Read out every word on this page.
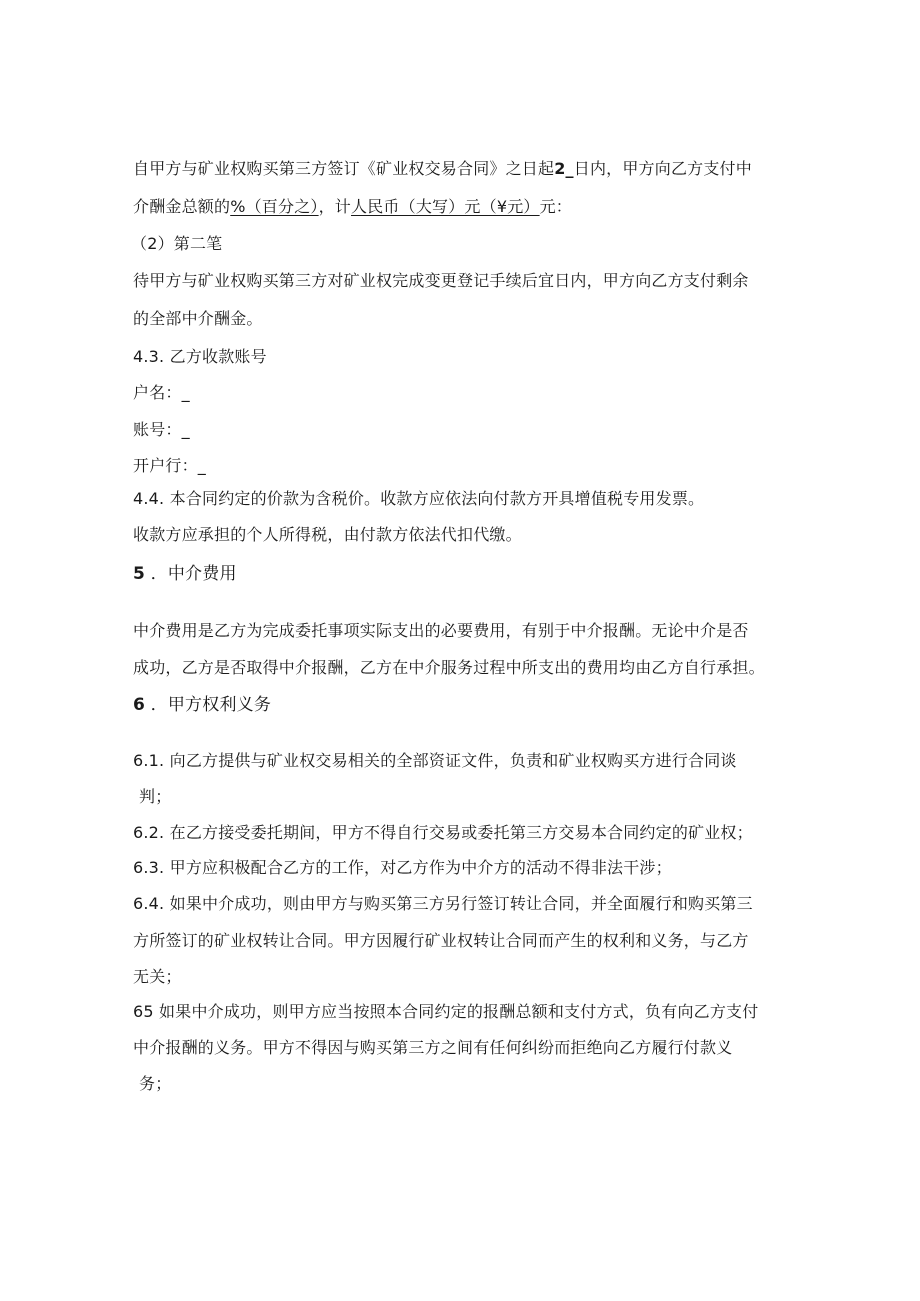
自甲方与矿业权购买第三方签订《矿业权交易合同》之日起2_日内，甲方向乙方支付中

介酬金总额的%（百分之），计人民币（大写）元（¥元）元：

（2）第二笔

待甲方与矿业权购买第三方对矿业权完成变更登记手续后宜日内，甲方向乙方支付剩余

的全部中介酬金。

4.3. 乙方收款账号

户名：_

账号：_

开户行：_

4.4. 本合同约定的价款为含税价。收款方应依法向付款方开具增值税专用发票。

收款方应承担的个人所得税，由付款方依法代扣代缴。

5 ．中介费用

中介费用是乙方为完成委托事项实际支出的必要费用，有别于中介报酬。无论中介是否

成功，乙方是否取得中介报酬，乙方在中介服务过程中所支出的费用均由乙方自行承担。

6 ．甲方权利义务

6.1. 向乙方提供与矿业权交易相关的全部资证文件，负责和矿业权购买方进行合同谈

判；

6.2. 在乙方接受委托期间，甲方不得自行交易或委托第三方交易本合同约定的矿业权；

6.3. 甲方应积极配合乙方的工作，对乙方作为中介方的活动不得非法干涉；

6.4. 如果中介成功，则由甲方与购买第三方另行签订转让合同，并全面履行和购买第三

方所签订的矿业权转让合同。甲方因履行矿业权转让合同而产生的权利和义务，与乙方

无关；

65 如果中介成功，则甲方应当按照本合同约定的报酬总额和支付方式，负有向乙方支付

中介报酬的义务。甲方不得因与购买第三方之间有任何纠纷而拒绝向乙方履行付款义

务；
